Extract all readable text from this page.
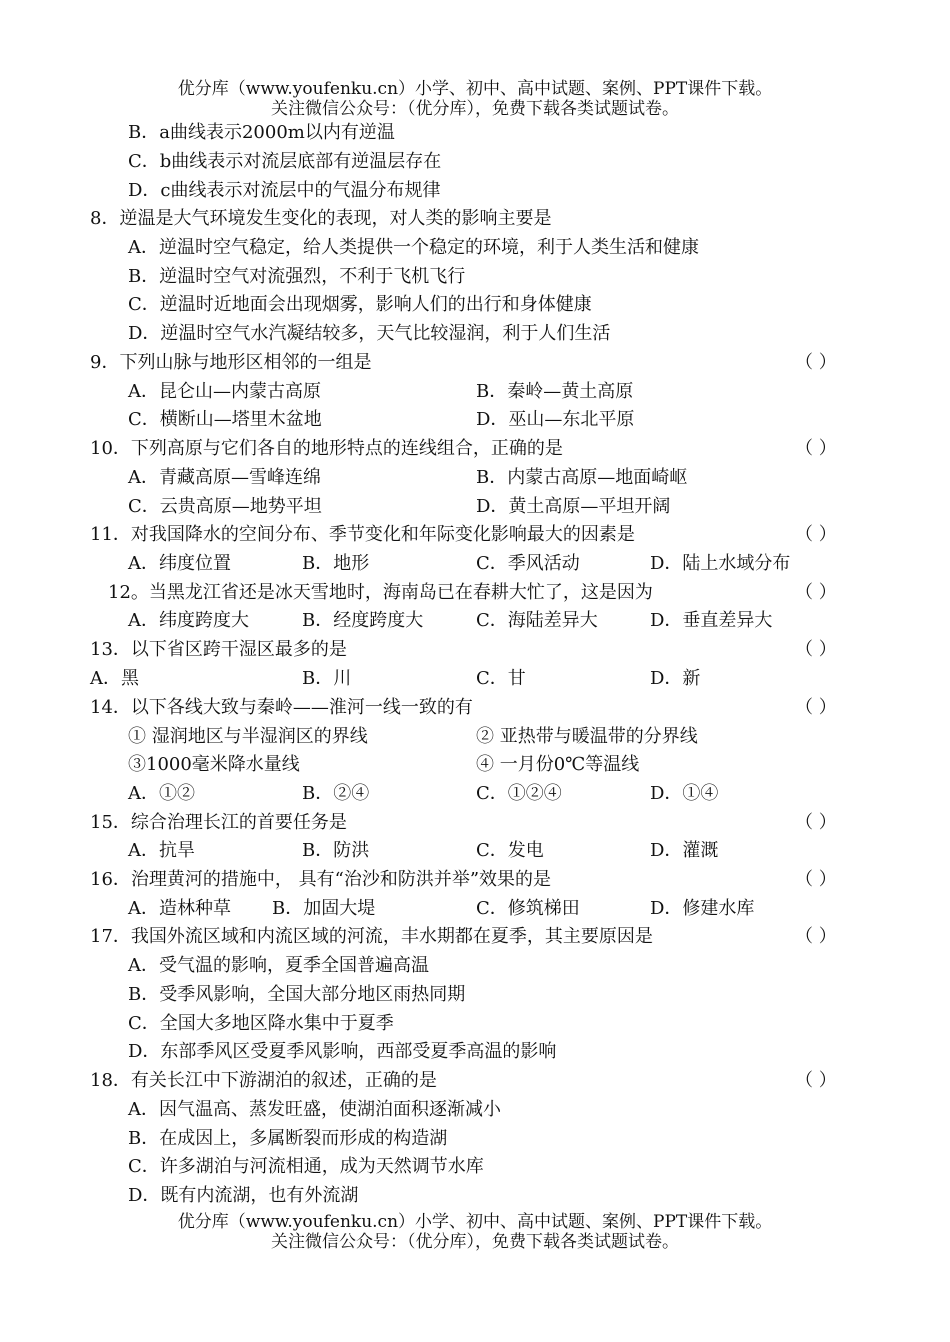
优分库（www.youfenku.cn）小学、初中、高中试题、案例、PPT课件下载。
关注微信公众号：（优分库），免费下载各类试题试卷。
B．a曲线表示2000m以内有逆温
C．b曲线表示对流层底部有逆温层存在
D．c曲线表示对流层中的气温分布规律
8．逆温是大气环境发生变化的表现，对人类的影响主要是
A．逆温时空气稳定，给人类提供一个稳定的环境，利于人类生活和健康
B．逆温时空气对流强烈，不利于飞机飞行
C．逆温时近地面会出现烟雾，影响人们的出行和身体健康
D．逆温时空气水汽凝结较多，天气比较湿润，利于人们生活
9．下列山脉与地形区相邻的一组是	（ ）
A．昆仑山—内蒙古高原	B．秦岭—黄土高原
C．横断山—塔里木盆地	D．巫山—东北平原
10．下列高原与它们各自的地形特点的连线组合，正确的是	（ ）
A．青藏高原—雪峰连绵	B．内蒙古高原—地面崎岖
C．云贵高原—地势平坦	D．黄土高原—平坦开阔
11．对我国降水的空间分布、季节变化和年际变化影响最大的因素是	（ ）
A．纬度位置	B．地形	C．季风活动	D．陆上水域分布
12。当黑龙江省还是冰天雪地时，海南岛已在春耕大忙了，这是因为	（ ）
A．纬度跨度大	B．经度跨度大	C．海陆差异大	D．垂直差异大
13．以下省区跨干湿区最多的是	（ ）
A．黑	B．川	C．甘	D．新
14．以下各线大致与秦岭——淮河一线一致的有	（ ）
① 湿润地区与半湿润区的界线	② 亚热带与暖温带的分界线
③1000毫米降水量线	④ 一月份0℃等温线
A．①②	B．②④	C．①②④	D．①④
15．综合治理长江的首要任务是	（ ）
A．抗旱	B．防洪	C．发电	D．灌溉
16．治理黄河的措施中， 具有“治沙和防洪并举”效果的是	（ ）
A．造林种草 B．加固大堤	C．修筑梯田	D．修建水库
17．我国外流区域和内流区域的河流，丰水期都在夏季，其主要原因是	（ ）
A．受气温的影响，夏季全国普遍高温
B．受季风影响，全国大部分地区雨热同期
C．全国大多地区降水集中于夏季
D．东部季风区受夏季风影响，西部受夏季高温的影响
18．有关长江中下游湖泊的叙述，正确的是	（ ）
A．因气温高、蒸发旺盛，使湖泊面积逐渐减小
B．在成因上，多属断裂而形成的构造湖
C．许多湖泊与河流相通，成为天然调节水库
D．既有内流湖，也有外流湖
优分库（www.youfenku.cn）小学、初中、高中试题、案例、PPT课件下载。
关注微信公众号：（优分库），免费下载各类试题试卷。
